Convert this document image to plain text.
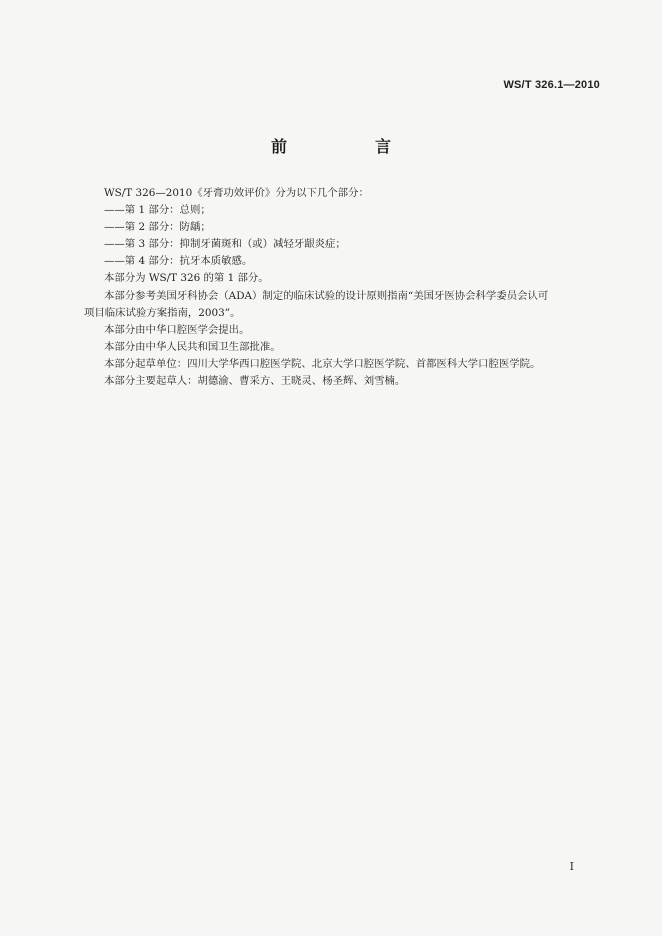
WS/T 326.1—2010
前　言

WS/T 326—2010《牙膏功效评价》分为以下几个部分：

——第 1 部分：总则；

——第 2 部分：防龋；

——第 3 部分：抑制牙菌斑和（或）减轻牙龈炎症；

——第 4 部分：抗牙本质敏感。

本部分为 WS/T 326 的第 1 部分。

本部分参考美国牙科协会（ADA）制定的临床试验的设计原则指南“美国牙医协会科学委员会认可

项目临床试验方案指南，2003”。

本部分由中华口腔医学会提出。

本部分由中华人民共和国卫生部批准。

本部分起草单位：四川大学华西口腔医学院、北京大学口腔医学院、首都医科大学口腔医学院。

本部分主要起草人：胡德渝、曹采方、王晓灵、杨圣辉、刘雪楠。

I
